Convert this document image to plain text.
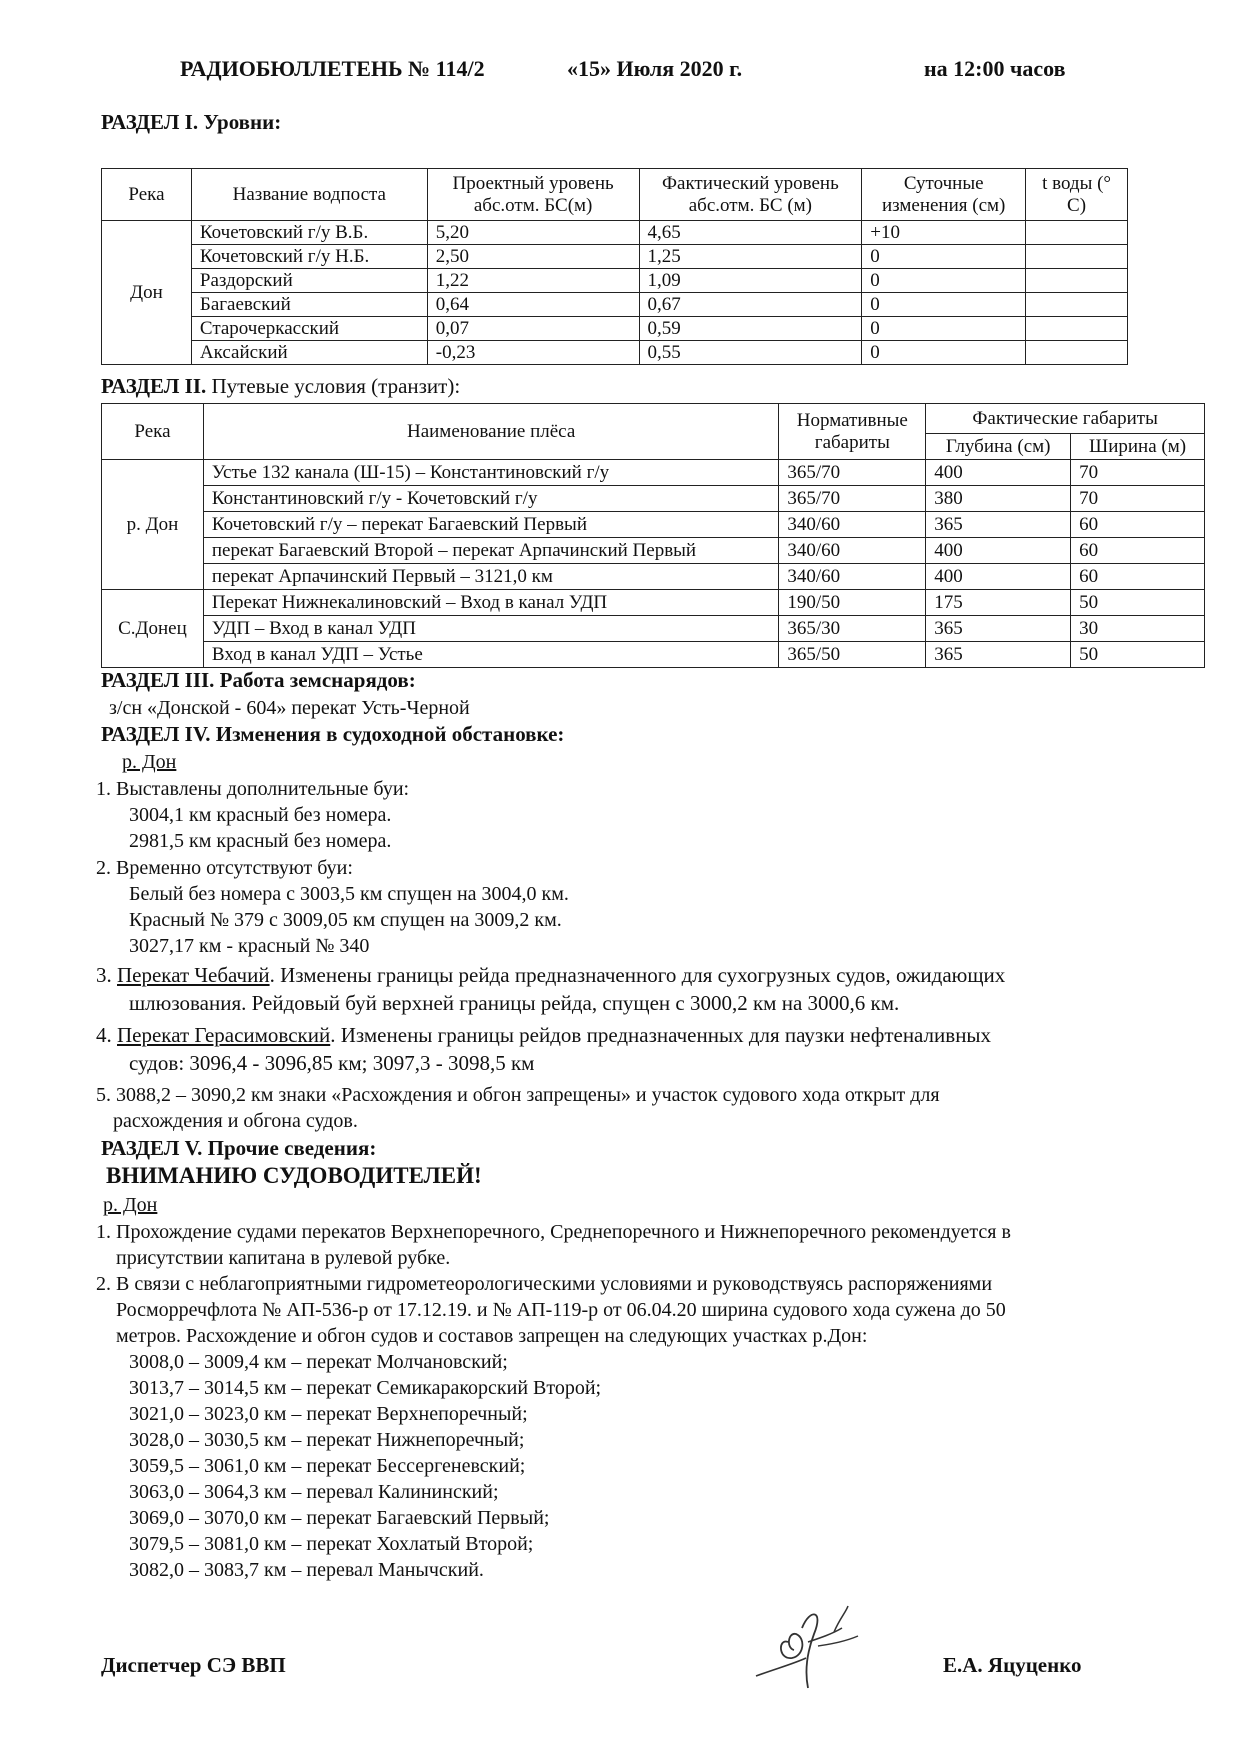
РАДИОБЮЛЛЕТЕНЬ № 114/2	«15» Июля 2020 г.	на 12:00 часов
РАЗДЕЛ I. Уровни:
Река	Название водпоста	Проектный уровень абс.отм. БС(м)	Фактический уровень абс.отм. БС (м)	Суточные изменения (см)	t воды (° С)
Дон	Кочетовский г/у В.Б.	5,20	4,65	+10	
	Кочетовский г/у Н.Б.	2,50	1,25	0	
	Раздорский	1,22	1,09	0	
	Багаевский	0,64	0,67	0	
	Старочеркасский	0,07	0,59	0	
	Аксайский	-0,23	0,55	0	
РАЗДЕЛ II. Путевые условия (транзит):
Река	Наименование плёса	Нормативные габариты	Фактические габариты	
			Глубина (см)	Ширина (м)
р. Дон	Устье 132 канала (Ш-15) – Константиновский г/у	365/70	400	70
	Константиновский г/у - Кочетовский г/у	365/70	380	70
	Кочетовский г/у – перекат Багаевский Первый	340/60	365	60
	перекат Багаевский Второй – перекат Арпачинский Первый	340/60	400	60
	перекат Арпачинский Первый – 3121,0 км	340/60	400	60
С.Донец	Перекат Нижнекалиновский – Вход в канал УДП	190/50	175	50
	УДП – Вход в канал УДП	365/30	365	30
	Вход в канал УДП – Устье	365/50	365	50
РАЗДЕЛ III. Работа земснарядов:
з/сн «Донской - 604» перекат Усть-Черной
РАЗДЕЛ IV. Изменения в судоходной обстановке:
р. Дон
1. Выставлены дополнительные буи:
3004,1 км красный без номера.
2981,5 км красный без номера.
2. Временно отсутствуют буи:
Белый без номера с 3003,5 км спущен на 3004,0 км.
Красный № 379 с 3009,05 км спущен на 3009,2 км.
3027,17 км - красный № 340
3. Перекат Чебачий. Изменены границы рейда предназначенного для сухогрузных судов, ожидающих
шлюзования. Рейдовый буй верхней границы рейда, спущен с 3000,2 км на 3000,6 км.
4. Перекат Герасимовский. Изменены границы рейдов предназначенных для паузки нефтеналивных
судов: 3096,4 - 3096,85 км; 3097,3 - 3098,5 км
5. 3088,2 – 3090,2 км знаки «Расхождения и обгон запрещены» и участок судового хода открыт для
расхождения и обгона судов.
РАЗДЕЛ V. Прочие сведения:
ВНИМАНИЮ СУДОВОДИТЕЛЕЙ!
р. Дон
1. Прохождение судами перекатов Верхнепоречного, Среднепоречного и Нижнепоречного рекомендуется в
присутствии капитана в рулевой рубке.
2. В связи с неблагоприятными гидрометеорологическими условиями и руководствуясь распоряжениями
Росморречфлота № АП-536-р от 17.12.19. и № АП-119-р от 06.04.20 ширина судового хода сужена до 50
метров. Расхождение и обгон судов и составов запрещен на следующих участках р.Дон:
3008,0 – 3009,4 км – перекат Молчановский;
3013,7 – 3014,5 км – перекат Семикаракорский Второй;
3021,0 – 3023,0 км – перекат Верхнепоречный;
3028,0 – 3030,5 км – перекат Нижнепоречный;
3059,5 – 3061,0 км – перекат Бессергеневский;
3063,0 – 3064,3 км – перевал Калининский;
3069,0 – 3070,0 км – перекат Багаевский Первый;
3079,5 – 3081,0 км – перекат Хохлатый Второй;
3082,0 – 3083,7 км – перевал Манычский.
Диспетчер СЭ ВВП	Е.А. Яцуценко
